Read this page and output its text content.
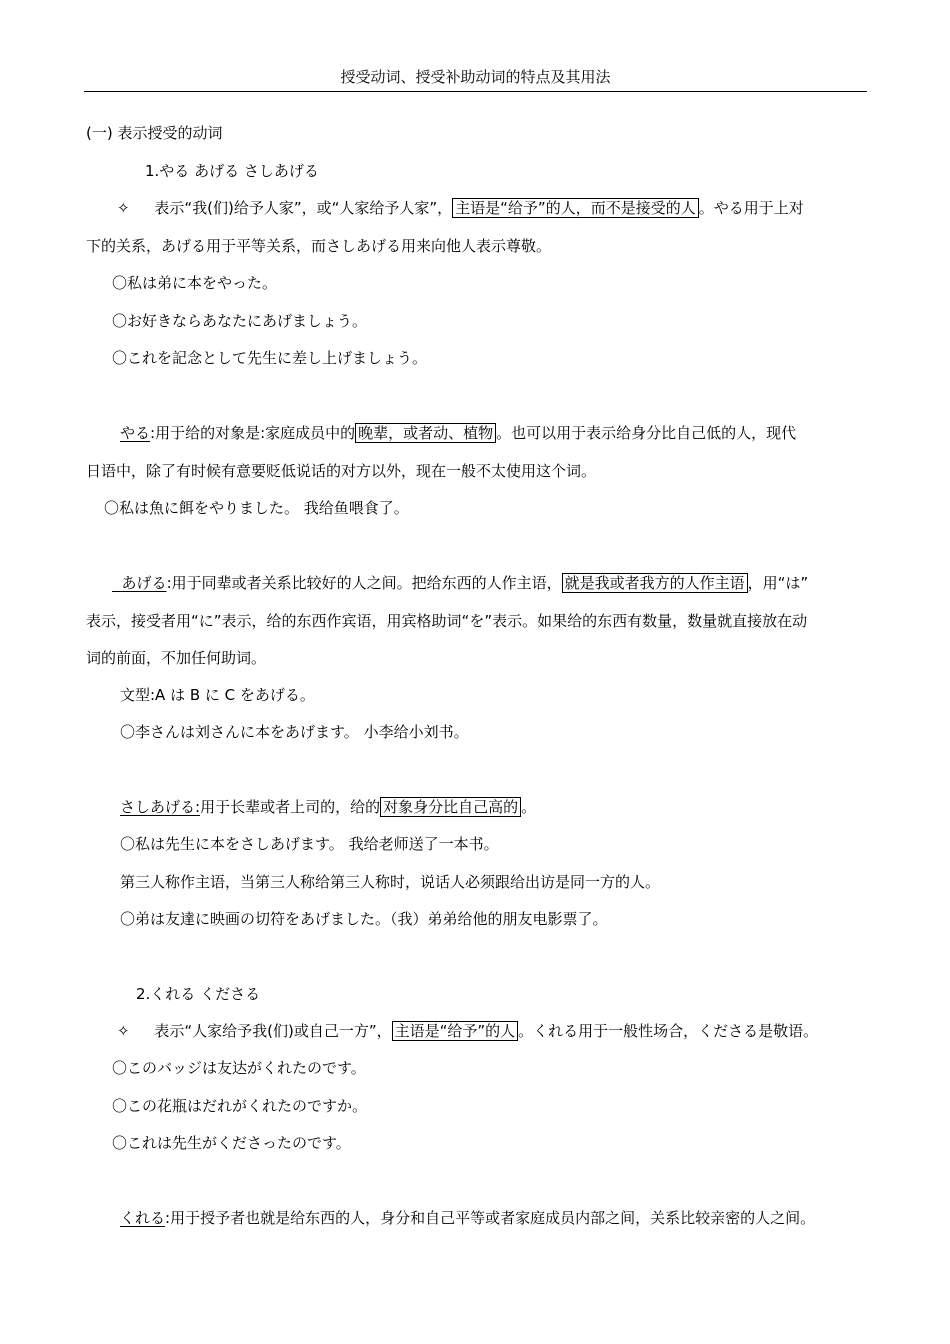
授受动词、授受补助动词的特点及其用法
(一) 表示授受的动词
1.やる あげる さしあげる
✧ 表示“我(们)给予人家”，或“人家给予人家”， 主语是“给予”的人，而不是接受的人 。やる用于上对
下的关系，あげる用于平等关系，而さしあげる用来向他人表示尊敬。
〇私は弟に本をやった。
〇お好きならあなたにあげましょう。
〇これを記念として先生に差し上げましょう。
やる:用于给的对象是:家庭成员中的 晚辈，或者动、植物 。也可以用于表示给身分比自己低的人，现代
日语中，除了有时候有意要贬低说话的对方以外，现在一般不太使用这个词。
〇私は魚に餌をやりました。 我给鱼喂食了。
あげる:用于同辈或者关系比较好的人之间。把给东西的人作主语， 就是我或者我方的人作主语 ，用“は”
表示，接受者用“に”表示，给的东西作宾语，用宾格助词“を”表示。如果给的东西有数量，数量就直接放在动
词的前面，不加任何助词。
文型:A は B に C をあげる。
〇李さんは刘さんに本をあげます。 小李给小刘书。
さしあげる:用于长辈或者上司的，给的 对象身分比自己高的 。
〇私は先生に本をさしあげます。 我给老师送了一本书。
第三人称作主语，当第三人称给第三人称时，说话人必须跟给出访是同一方的人。
〇弟は友達に映画の切符をあげました。（我）弟弟给他的朋友电影票了。
2.くれる くださる
✧ 表示“人家给予我(们)或自己一方”， 主语是“给予”的人 。くれる用于一般性场合，くださる是敬语。
〇このバッジは友达がくれたのです。
〇この花瓶はだれがくれたのですか。
〇これは先生がくださったのです。
くれる:用于授予者也就是给东西的人，身分和自己平等或者家庭成员内部之间，关系比较亲密的人之间。
